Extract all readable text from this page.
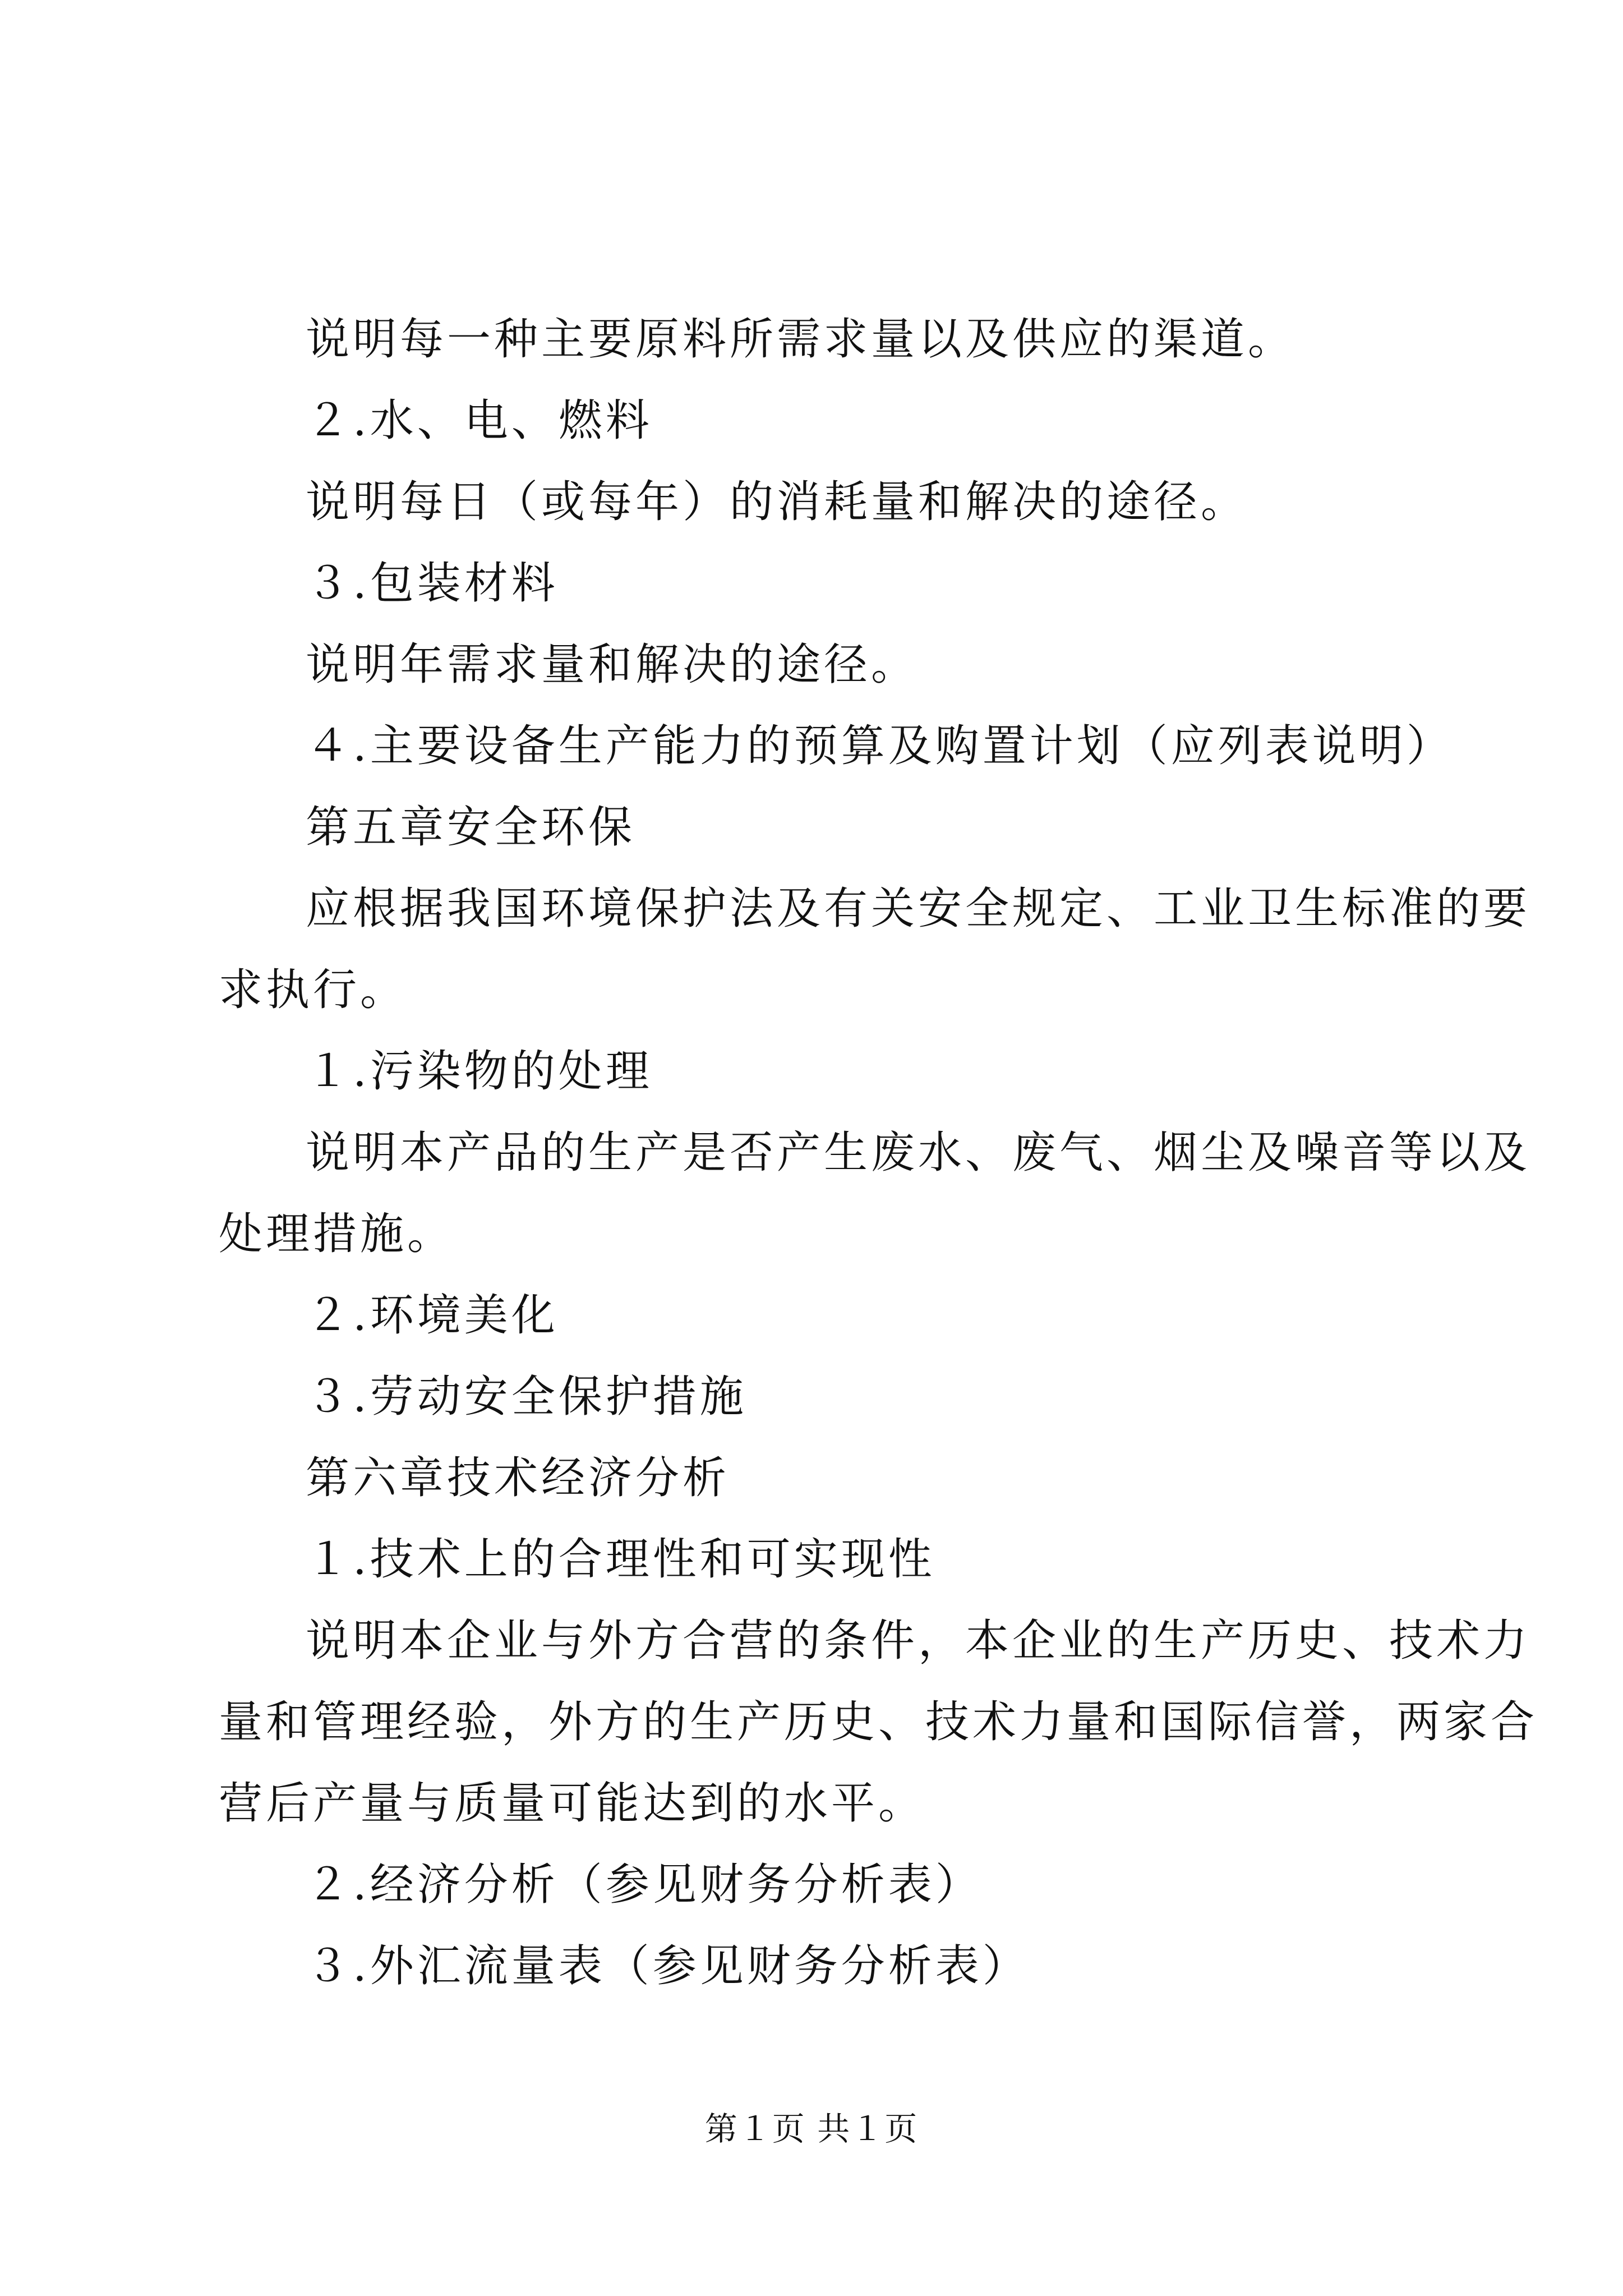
说明每一种主要原料所需求量以及供应的渠道。
２.水、电、燃料
说明每日（或每年）的消耗量和解决的途径。
３.包装材料
说明年需求量和解决的途径。
４.主要设备生产能力的预算及购置计划（应列表说明）
第五章安全环保
应根据我国环境保护法及有关安全规定、工业卫生标准的要
求执行。
１.污染物的处理
说明本产品的生产是否产生废水、废气、烟尘及噪音等以及
处理措施。
２.环境美化
３.劳动安全保护措施
第六章技术经济分析
１.技术上的合理性和可实现性
说明本企业与外方合营的条件，本企业的生产历史、技术力
量和管理经验，外方的生产历史、技术力量和国际信誉，两家合
营后产量与质量可能达到的水平。
２.经济分析（参见财务分析表）
３.外汇流量表（参见财务分析表）
第１页 共１页
